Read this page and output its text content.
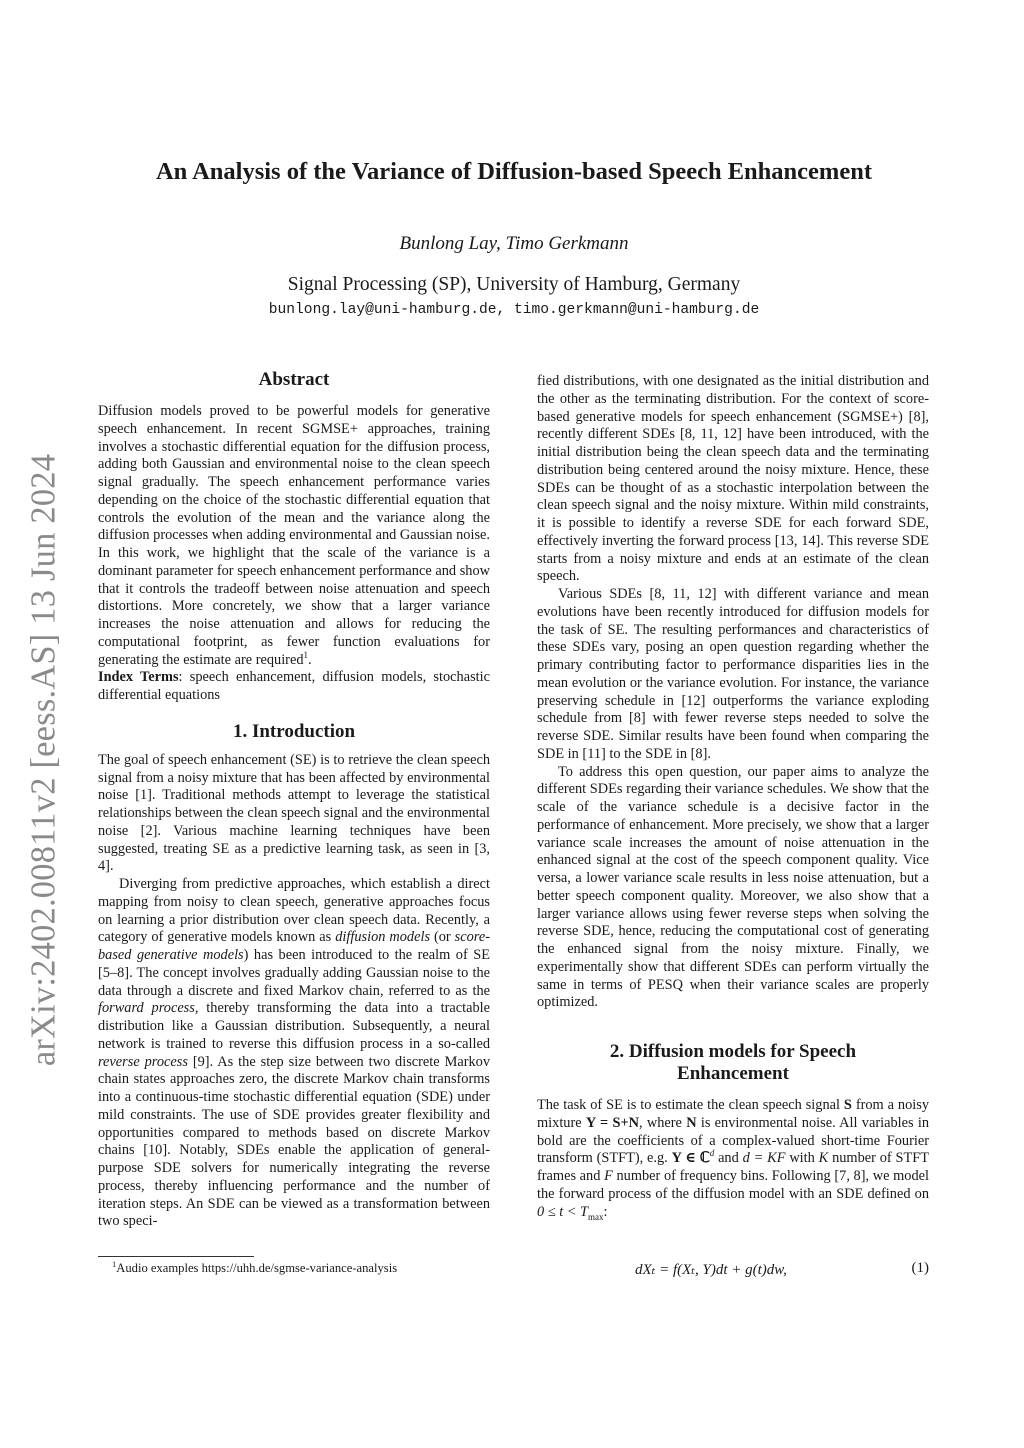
arXiv:2402.00811v2 [eess.AS] 13 Jun 2024
An Analysis of the Variance of Diffusion-based Speech Enhancement
Bunlong Lay, Timo Gerkmann
Signal Processing (SP), University of Hamburg, Germany
bunlong.lay@uni-hamburg.de, timo.gerkmann@uni-hamburg.de
Abstract

Diffusion models proved to be powerful models for generative speech enhancement. In recent SGMSE+ approaches, training involves a stochastic differential equation for the diffusion process, adding both Gaussian and environmental noise to the clean speech signal gradually. The speech enhancement performance varies depending on the choice of the stochastic differential equation that controls the evolution of the mean and the variance along the diffusion processes when adding environmental and Gaussian noise. In this work, we highlight that the scale of the variance is a dominant parameter for speech enhancement performance and show that it controls the tradeoff between noise attenuation and speech distortions. More concretely, we show that a larger variance increases the noise attenuation and allows for reducing the computational footprint, as fewer function evaluations for generating the estimate are required$^1$.

Index Terms: speech enhancement, diffusion models, stochastic differential equations

1. Introduction

The goal of speech enhancement (SE) is to retrieve the clean speech signal from a noisy mixture that has been affected by environmental noise [1]. Traditional methods attempt to leverage the statistical relationships between the clean speech signal and the environmental noise [2]. Various machine learning techniques have been suggested, treating SE as a predictive learning task, as seen in [3, 4].

Diverging from predictive approaches, which establish a direct mapping from noisy to clean speech, generative approaches focus on learning a prior distribution over clean speech data. Recently, a category of generative models known as diffusion models (or score-based generative models) has been introduced to the realm of SE [5–8]. The concept involves gradually adding Gaussian noise to the data through a discrete and fixed Markov chain, referred to as the forward process, thereby transforming the data into a tractable distribution like a Gaussian distribution. Subsequently, a neural network is trained to reverse this diffusion process in a so-called reverse process [9]. As the step size between two discrete Markov chain states approaches zero, the discrete Markov chain transforms into a continuous-time stochastic differential equation (SDE) under mild constraints. The use of SDE provides greater flexibility and opportunities compared to methods based on discrete Markov chains [10]. Notably, SDEs enable the application of general-purpose SDE solvers for numerically integrating the reverse process, thereby influencing performance and the number of iteration steps. An SDE can be viewed as a transformation between two speci-

fied distributions, with one designated as the initial distribution and the other as the terminating distribution. For the context of score-based generative models for speech enhancement (SGMSE+) [8], recently different SDEs [8, 11, 12] have been introduced, with the initial distribution being the clean speech data and the terminating distribution being centered around the noisy mixture. Hence, these SDEs can be thought of as a stochastic interpolation between the clean speech signal and the noisy mixture. Within mild constraints, it is possible to identify a reverse SDE for each forward SDE, effectively inverting the forward process [13, 14]. This reverse SDE starts from a noisy mixture and ends at an estimate of the clean speech.

Various SDEs [8, 11, 12] with different variance and mean evolutions have been recently introduced for diffusion models for the task of SE. The resulting performances and characteristics of these SDEs vary, posing an open question regarding whether the primary contributing factor to performance disparities lies in the mean evolution or the variance evolution. For instance, the variance preserving schedule in [12] outperforms the variance exploding schedule from [8] with fewer reverse steps needed to solve the reverse SDE. Similar results have been found when comparing the SDE in [11] to the SDE in [8].

To address this open question, our paper aims to analyze the different SDEs regarding their variance schedules. We show that the scale of the variance schedule is a decisive factor in the performance of enhancement. More precisely, we show that a larger variance scale increases the amount of noise attenuation in the enhanced signal at the cost of the speech component quality. Vice versa, a lower variance scale results in less noise attenuation, but a better speech component quality. Moreover, we also show that a larger variance allows using fewer reverse steps when solving the reverse SDE, hence, reducing the computational cost of generating the enhanced signal from the noisy mixture. Finally, we experimentally show that different SDEs can perform virtually the same in terms of PESQ when their variance scales are properly optimized.

2. Diffusion models for Speech
Enhancement

The task of SE is to estimate the clean speech signal S from a noisy mixture Y = S+N, where N is environmental noise. All variables in bold are the coefficients of a complex-valued short-time Fourier transform (STFT), e.g. Y ∈ ℂ$^d$ and d = KF with K number of STFT frames and F number of frequency bins. Following [7, 8], we model the forward process of the diffusion model with an SDE defined on $0 \le t < T_{max}$:

dXₜ = f(Xₜ, Y)dt + g(t)dw,	(1)
$^1$Audio examples https://uhh.de/sgmse-variance-analysis
